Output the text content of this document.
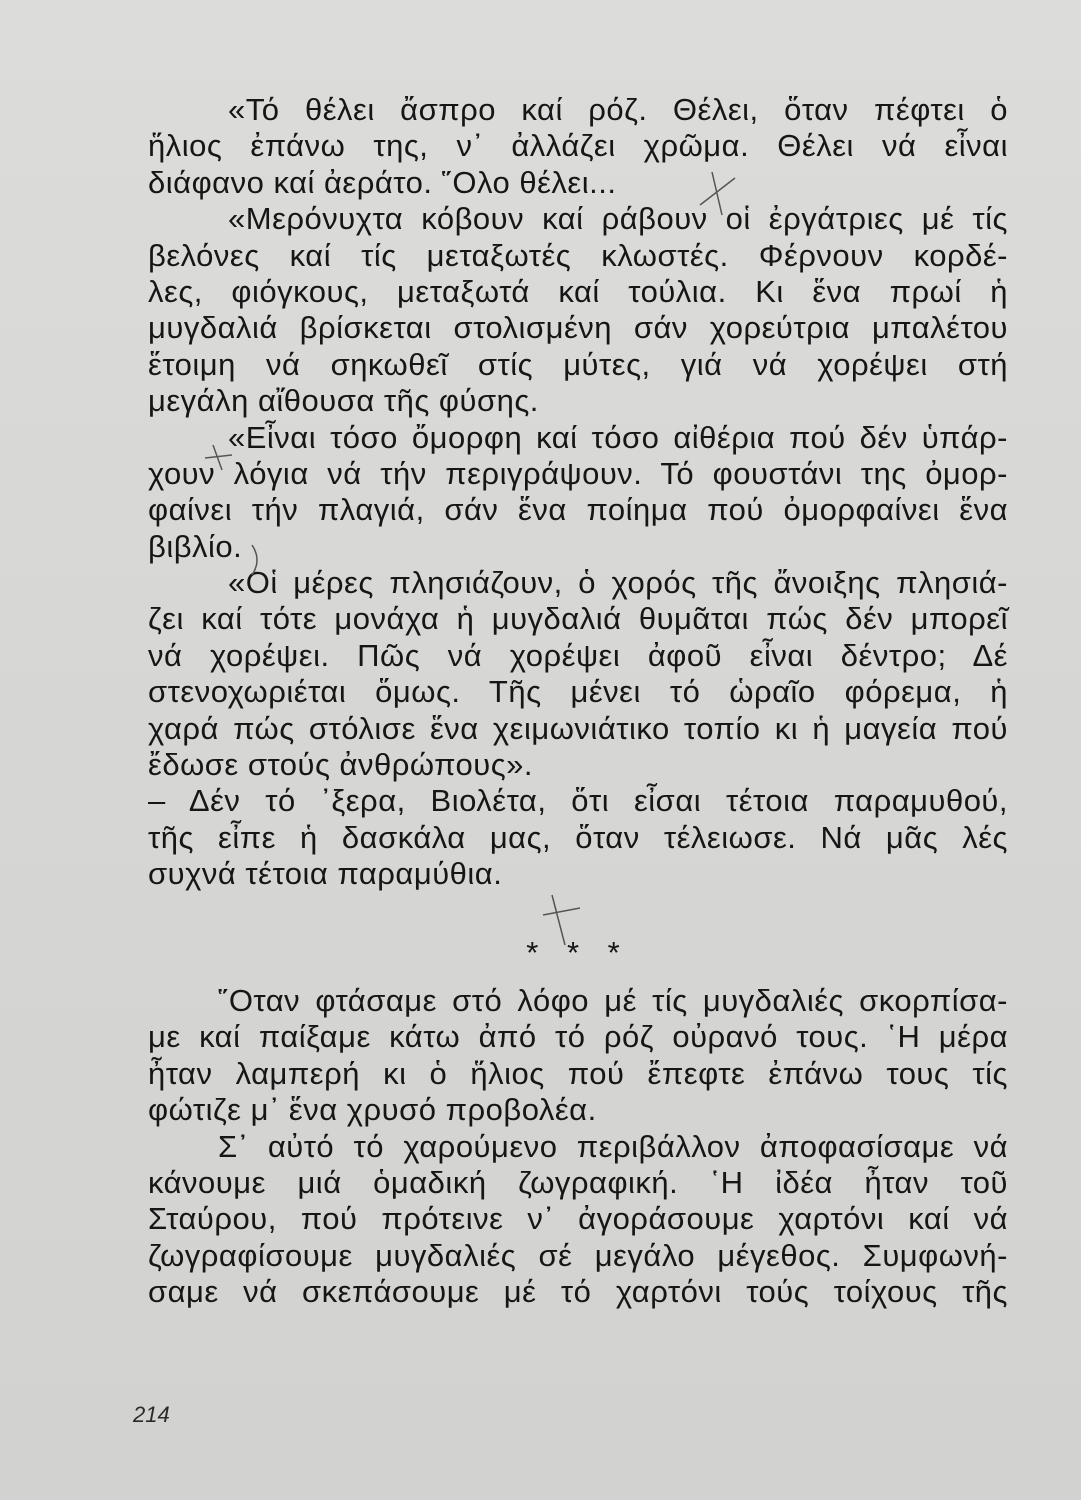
«Τό θέλει ἄσπρο καί ρόζ. Θέλει, ὅταν πέφτει ὁ
ἥλιος ἐπάνω της, ν᾽ ἀλλάζει χρῶμα. Θέλει νά εἶναι
διάφανο καί ἀεράτο. ῞Ολο θέλει...
«Μερόνυχτα κόβουν καί ράβουν οἱ ἐργάτριες μέ τίς
βελόνες καί τίς μεταξωτές κλωστές. Φέρνουν κορδέ-
λες, φιόγκους, μεταξωτά καί τούλια. Κι ἕνα πρωί ἡ
μυγδαλιά βρίσκεται στολισμένη σάν χορεύτρια μπαλέτου
ἕτοιμη νά σηκωθεῖ στίς μύτες, γιά νά χορέψει στή
μεγάλη αἴθουσα τῆς φύσης.
«Εἶναι τόσο ὄμορφη καί τόσο αἰθέρια πού δέν ὑπάρ-
χουν λόγια νά τήν περιγράψουν. Τό φουστάνι της ὀμορ-
φαίνει τήν πλαγιά, σάν ἕνα ποίημα πού ὀμορφαίνει ἕνα
βιβλίο.
«Οἱ μέρες πλησιάζουν, ὁ χορός τῆς ἄνοιξης πλησιά-
ζει καί τότε μονάχα ἡ μυγδαλιά θυμᾶται πώς δέν μπορεῖ
νά χορέψει. Πῶς νά χορέψει ἀφοῦ εἶναι δέντρο; Δέ
στενοχωριέται ὅμως. Τῆς μένει τό ὡραῖο φόρεμα, ἡ
χαρά πώς στόλισε ἕνα χειμωνιάτικο τοπίο κι ἡ μαγεία πού
ἔδωσε στούς ἀνθρώπους».
– Δέν τό ᾽ξερα, Βιολέτα, ὅτι εἶσαι τέτοια παραμυθού,
τῆς εἶπε ἡ δασκάλα μας, ὅταν τέλειωσε. Νά μᾶς λές
συχνά τέτοια παραμύθια.
* * *
῞Οταν φτάσαμε στό λόφο μέ τίς μυγδαλιές σκορπίσα-
με καί παίξαμε κάτω ἀπό τό ρόζ οὐρανό τους. ῾Η μέρα
ἦταν λαμπερή κι ὁ ἥλιος πού ἔπεφτε ἐπάνω τους τίς
φώτιζε μ᾽ ἕνα χρυσό προβολέα.
Σ᾽ αὐτό τό χαρούμενο περιβάλλον ἀποφασίσαμε νά
κάνουμε μιά ὁμαδική ζωγραφική. ῾Η ἰδέα ἦταν τοῦ
Σταύρου, πού πρότεινε ν᾽ ἀγοράσουμε χαρτόνι καί νά
ζωγραφίσουμε μυγδαλιές σέ μεγάλο μέγεθος. Συμφωνή-
σαμε νά σκεπάσουμε μέ τό χαρτόνι τούς τοίχους τῆς
214
